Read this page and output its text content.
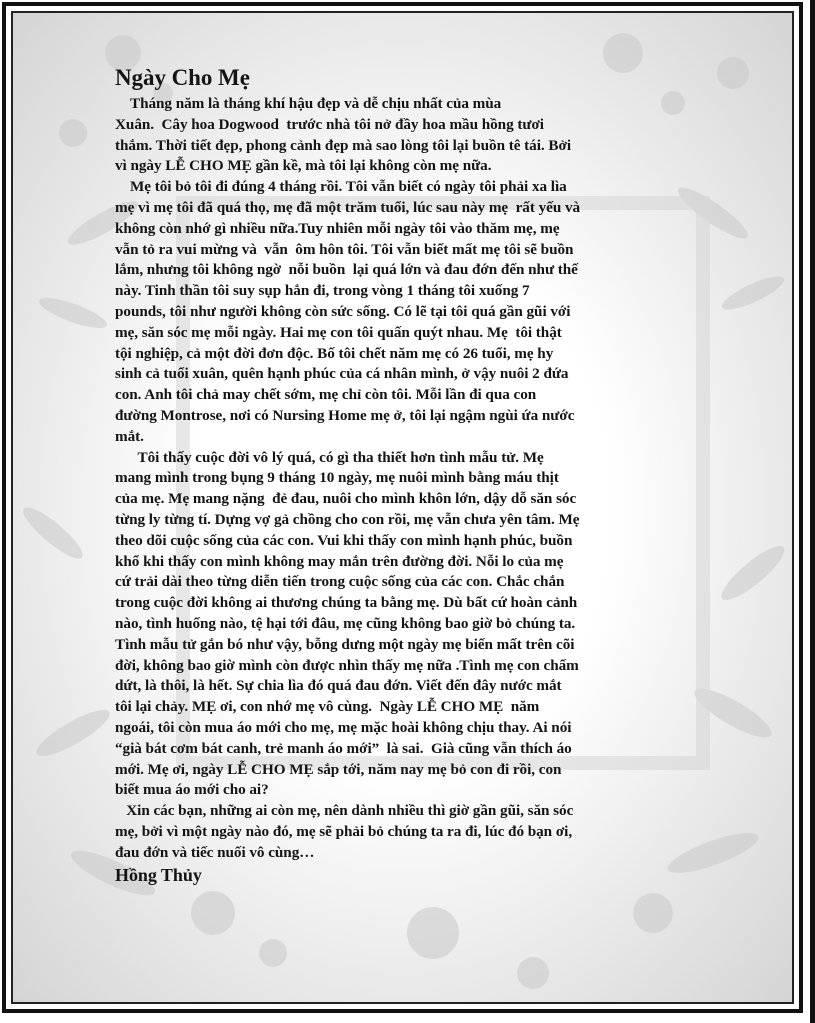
Ngày Cho Mẹ

Tháng năm là tháng khí hậu đẹp và dễ chịu nhất của mùa
Xuân.  Cây hoa Dogwood  trước nhà tôi nở đầy hoa mầu hồng tươi
thắm. Thời tiết đẹp, phong cảnh đẹp mà sao lòng tôi lại buồn tê tái. Bởi
vì ngày LỄ CHO MẸ gần kề, mà tôi lại không còn mẹ nữa.

Mẹ tôi bỏ tôi đi đúng 4 tháng rồi. Tôi vẫn biết có ngày tôi phải xa lìa
mẹ vì mẹ tôi đã quá thọ, mẹ đã một trăm tuổi, lúc sau này mẹ  rất yếu và
không còn nhớ gì nhiều nữa.Tuy nhiên mỗi ngày tôi vào thăm mẹ, mẹ
vẫn tỏ ra vui mừng và  vẫn  ôm hôn tôi. Tôi vẫn biết mất mẹ tôi sẽ buồn
lắm, nhưng tôi không ngờ  nỗi buồn  lại quá lớn và đau đớn đến như thế
này. Tinh thần tôi suy sụp hẳn đi, trong vòng 1 tháng tôi xuống 7
pounds, tôi như người không còn sức sống. Có lẽ tại tôi quá gần gũi với
mẹ, săn sóc mẹ mỗi ngày. Hai mẹ con tôi quấn quýt nhau. Mẹ  tôi thật
tội nghiệp, cả một đời đơn độc. Bố tôi chết năm mẹ có 26 tuổi, mẹ hy
sinh cả tuổi xuân, quên hạnh phúc của cá nhân mình, ở vậy nuôi 2 đứa
con. Anh tôi chả may chết sớm, mẹ chỉ còn tôi. Mỗi lần đi qua con
đường Montrose, nơi có Nursing Home mẹ ở, tôi lại ngậm ngùi ứa nước
mắt.

Tôi thấy cuộc đời vô lý quá, có gì tha thiết hơn tình mẫu tử. Mẹ
mang mình trong bụng 9 tháng 10 ngày, mẹ nuôi mình bằng máu thịt
của mẹ. Mẹ mang nặng  đẻ đau, nuôi cho mình khôn lớn, dậy dỗ săn sóc
từng ly từng tí. Dựng vợ gả chồng cho con rồi, mẹ vẫn chưa yên tâm. Mẹ
theo dõi cuộc sống của các con. Vui khi thấy con mình hạnh phúc, buồn
khổ khi thấy con mình không may mắn trên đường đời. Nỗi lo của mẹ
cứ trải dài theo từng diễn tiến trong cuộc sống của các con. Chắc chắn
trong cuộc đời không ai thương chúng ta bằng mẹ. Dù bất cứ hoàn cảnh
nào, tình huống nào, tệ hại tới đâu, mẹ cũng không bao giờ bỏ chúng ta.
Tình mẫu tử gắn bó như vậy, bỗng dưng một ngày mẹ biến mất trên cõi
đời, không bao giờ mình còn được nhìn thấy mẹ nữa .Tình mẹ con chấm
dứt, là thôi, là hết. Sự chia lìa đó quá đau đớn. Viết đến đây nước mắt
tôi lại chảy. MẸ ơi, con nhớ mẹ vô cùng.  Ngày LỄ CHO MẸ  năm
ngoái, tôi còn mua áo mới cho mẹ, mẹ mặc hoài không chịu thay. Ai nói
“già bát cơm bát canh, trẻ manh áo mới”  là sai.  Già cũng vẫn thích áo
mới. Mẹ ơi, ngày LỄ CHO MẸ sắp tới, năm nay mẹ bỏ con đi rồi, con
biết mua áo mới cho ai?

Xin các bạn, những ai còn mẹ, nên dành nhiều thì giờ gần gũi, săn sóc
mẹ, bởi vì một ngày nào đó, mẹ sẽ phải bỏ chúng ta ra đi, lúc đó bạn ơi,
đau đớn và tiếc nuối vô cùng…

Hồng Thủy
